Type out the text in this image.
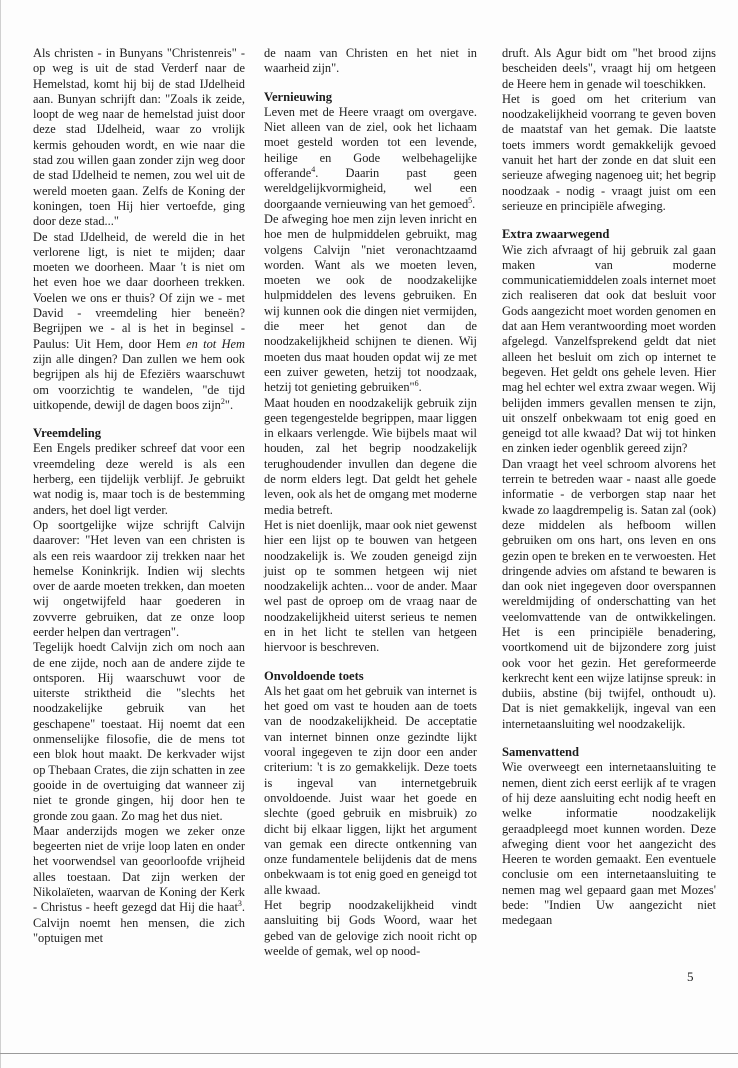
Als christen - in Bunyans "Christenreis" - op weg is uit de stad Verderf naar de Hemelstad, komt hij bij de stad IJdelheid aan. Bunyan schrijft dan: "Zoals ik zeide, loopt de weg naar de hemelstad juist door deze stad IJdelheid, waar zo vrolijk kermis gehouden wordt, en wie naar die stad zou willen gaan zonder zijn weg door de stad IJdelheid te nemen, zou wel uit de wereld moeten gaan. Zelfs de Koning der koningen, toen Hij hier vertoefde, ging door deze stad..."

De stad IJdelheid, de wereld die in het verlorene ligt, is niet te mijden; daar moeten we doorheen. Maar 't is niet om het even hoe we daar doorheen trekken. Voelen we ons er thuis? Of zijn we - met David - vreemdeling hier beneën? Begrijpen we - al is het in beginsel - Paulus: Uit Hem, door Hem en tot Hem zijn alle dingen? Dan zullen we hem ook begrijpen als hij de Efeziërs waarschuwt om voorzichtig te wandelen, "de tijd uitkopende, dewijl de dagen boos zijn$^2$".

Vreemdeling

Een Engels prediker schreef dat voor een vreemdeling deze wereld is als een herberg, een tijdelijk verblijf. Je gebruikt wat nodig is, maar toch is de bestemming anders, het doel ligt verder.

Op soortgelijke wijze schrijft Calvijn daarover: "Het leven van een christen is als een reis waardoor zij trekken naar het hemelse Koninkrijk. Indien wij slechts over de aarde moeten trekken, dan moeten wij ongetwijfeld haar goederen in zovverre gebruiken, dat ze onze loop eerder helpen dan vertragen".

Tegelijk hoedt Calvijn zich om noch aan de ene zijde, noch aan de andere zijde te ontsporen. Hij waarschuwt voor de uiterste striktheid die "slechts het noodzakelijke gebruik van het geschapene" toestaat. Hij noemt dat een onmenselijke filosofie, die de mens tot een blok hout maakt. De kerkvader wijst op Thebaan Crates, die zijn schatten in zee gooide in de overtuiging dat wanneer zij niet te gronde gingen, hij door hen te gronde zou gaan. Zo mag het dus niet.

Maar anderzijds mogen we zeker onze begeerten niet de vrije loop laten en onder het voorwendsel van geoorloofde vrijheid alles toestaan. Dat zijn werken der Nikolaïeten, waarvan de Koning der Kerk - Christus - heeft gezegd dat Hij die haat$^3$. Calvijn noemt hen mensen, die zich "optuigen met

de naam van Christen en het niet in waarheid zijn".

Vernieuwing

Leven met de Heere vraagt om overgave. Niet alleen van de ziel, ook het lichaam moet gesteld worden tot een levende, heilige en Gode welbehagelijke offerande$^4$. Daarin past geen wereldgelijkvormigheid, wel een doorgaande vernieuwing van het gemoed$^5$.

De afweging hoe men zijn leven inricht en hoe men de hulpmiddelen gebruikt, mag volgens Calvijn "niet veronachtzaamd worden. Want als we moeten leven, moeten we ook de noodzakelijke hulpmiddelen des levens gebruiken. En wij kunnen ook die dingen niet vermijden, die meer het genot dan de noodzakelijkheid schijnen te dienen. Wij moeten dus maat houden opdat wij ze met een zuiver geweten, hetzij tot noodzaak, hetzij tot genieting gebruiken"$^6$.

Maat houden en noodzakelijk gebruik zijn geen tegengestelde begrippen, maar liggen in elkaars verlengde. Wie bijbels maat wil houden, zal het begrip noodzakelijk terughoudender invullen dan degene die de norm elders legt. Dat geldt het gehele leven, ook als het de omgang met moderne media betreft.

Het is niet doenlijk, maar ook niet gewenst hier een lijst op te bouwen van hetgeen noodzakelijk is. We zouden geneigd zijn juist op te sommen hetgeen wij niet noodzakelijk achten... voor de ander. Maar wel past de oproep om de vraag naar de noodzakelijkheid uiterst serieus te nemen en in het licht te stellen van hetgeen hiervoor is beschreven.

Onvoldoende toets

Als het gaat om het gebruik van internet is het goed om vast te houden aan de toets van de noodzakelijkheid. De acceptatie van internet binnen onze gezindte lijkt vooral ingegeven te zijn door een ander criterium: 't is zo gemakkelijk. Deze toets is ingeval van internetgebruik onvoldoende. Juist waar het goede en slechte (goed gebruik en misbruik) zo dicht bij elkaar liggen, lijkt het argument van gemak een directe ontkenning van onze fundamentele belijdenis dat de mens onbekwaam is tot enig goed en geneigd tot alle kwaad.

Het begrip noodzakelijkheid vindt aansluiting bij Gods Woord, waar het gebed van de gelovige zich nooit richt op weelde of gemak, wel op nood-

druft. Als Agur bidt om "het brood zijns bescheiden deels", vraagt hij om hetgeen de Heere hem in genade wil toeschikken.

Het is goed om het criterium van noodzakelijkheid voorrang te geven boven de maatstaf van het gemak. Die laatste toets immers wordt gemakkelijk gevoed vanuit het hart der zonde en dat sluit een serieuze afweging nagenoeg uit; het begrip noodzaak - nodig - vraagt juist om een serieuze en principiële afweging.

Extra zwaarwegend

Wie zich afvraagt of hij gebruik zal gaan maken van moderne communicatiemiddelen zoals internet moet zich realiseren dat ook dat besluit voor Gods aangezicht moet worden genomen en dat aan Hem verantwoording moet worden afgelegd. Vanzelfsprekend geldt dat niet alleen het besluit om zich op internet te begeven. Het geldt ons gehele leven. Hier mag hel echter wel extra zwaar wegen. Wij belijden immers gevallen mensen te zijn, uit onszelf onbekwaam tot enig goed en geneigd tot alle kwaad? Dat wij tot hinken en zinken ieder ogenblik gereed zijn?

Dan vraagt het veel schroom alvorens het terrein te betreden waar - naast alle goede informatie - de verborgen stap naar het kwade zo laagdrempelig is. Satan zal (ook) deze middelen als hefboom willen gebruiken om ons hart, ons leven en ons gezin open te breken en te verwoesten. Het dringende advies om afstand te bewaren is dan ook niet ingegeven door overspannen wereldmijding of onderschatting van het veelomvattende van de ontwikkelingen. Het is een principiële benadering, voortkomend uit de bijzondere zorg juist ook voor het gezin. Het gereformeerde kerkrecht kent een wijze latijnse spreuk: in dubiis, abstine (bij twijfel, onthoudt u). Dat is niet gemakkelijk, ingeval van een internetaansluiting wel noodzakelijk.

Samenvattend

Wie overweegt een internetaansluiting te nemen, dient zich eerst eerlijk af te vragen of hij deze aansluiting echt nodig heeft en welke informatie noodzakelijk geraadpleegd moet kunnen worden. Deze afweging dient voor het aangezicht des Heeren te worden gemaakt. Een eventuele conclusie om een internetaansluiting te nemen mag wel gepaard gaan met Mozes' bede: "Indien Uw aangezicht niet medegaan

5
